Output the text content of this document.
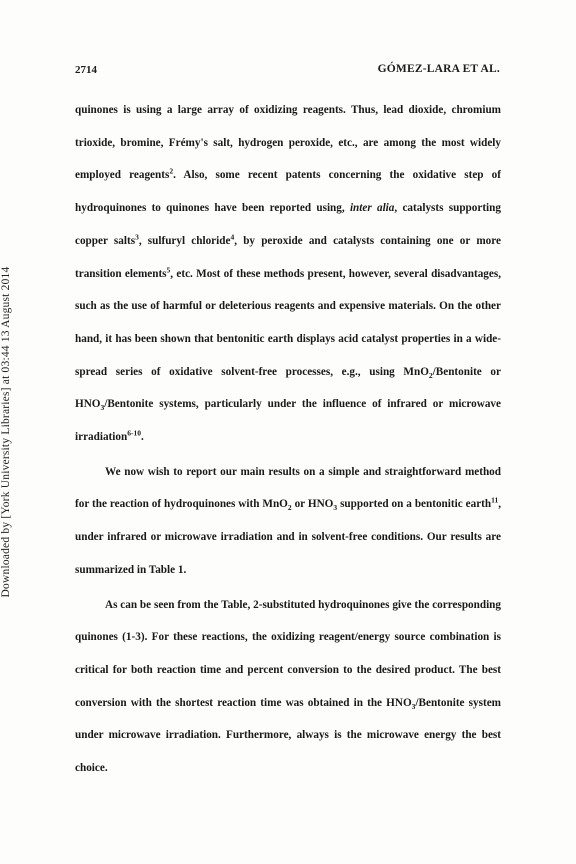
Downloaded by [York University Libraries] at 03:44 13 August 2014
2714	GÓMEZ-LARA ET AL.

quinones is using a large array of oxidizing reagents. Thus, lead dioxide, chromium trioxide, bromine, Frémy's salt, hydrogen peroxide, etc., are among the most widely employed reagents$^2$. Also, some recent patents concerning the oxidative step of hydroquinones to quinones have been reported using, inter alia, catalysts supporting copper salts$^3$, sulfuryl chloride$^4$, by peroxide and catalysts containing one or more transition elements$^5$, etc. Most of these methods present, however, several disadvantages, such as the use of harmful or deleterious reagents and expensive materials. On the other hand, it has been shown that bentonitic earth displays acid catalyst properties in a wide-spread series of oxidative solvent-free processes, e.g., using MnO$_2$/Bentonite or $HNO_3$/Bentonite systems, particularly under the influence of infrared or microwave irradiation$^{6-10}$.

We now wish to report our main results on a simple and straightforward method for the reaction of hydroquinones with MnO$_2$ or $HNO_3$ supported on a bentonitic earth$^{11}$, under infrared or microwave irradiation and in solvent-free conditions. Our results are summarized in Table 1.

As can be seen from the Table, 2-substituted hydroquinones give the corresponding quinones (1-3). For these reactions, the oxidizing reagent/energy source combination is critical for both reaction time and percent conversion to the desired product. The best conversion with the shortest reaction time was obtained in the $HNO_3$/Bentonite system under microwave irradiation. Furthermore, always is the microwave energy the best choice.
